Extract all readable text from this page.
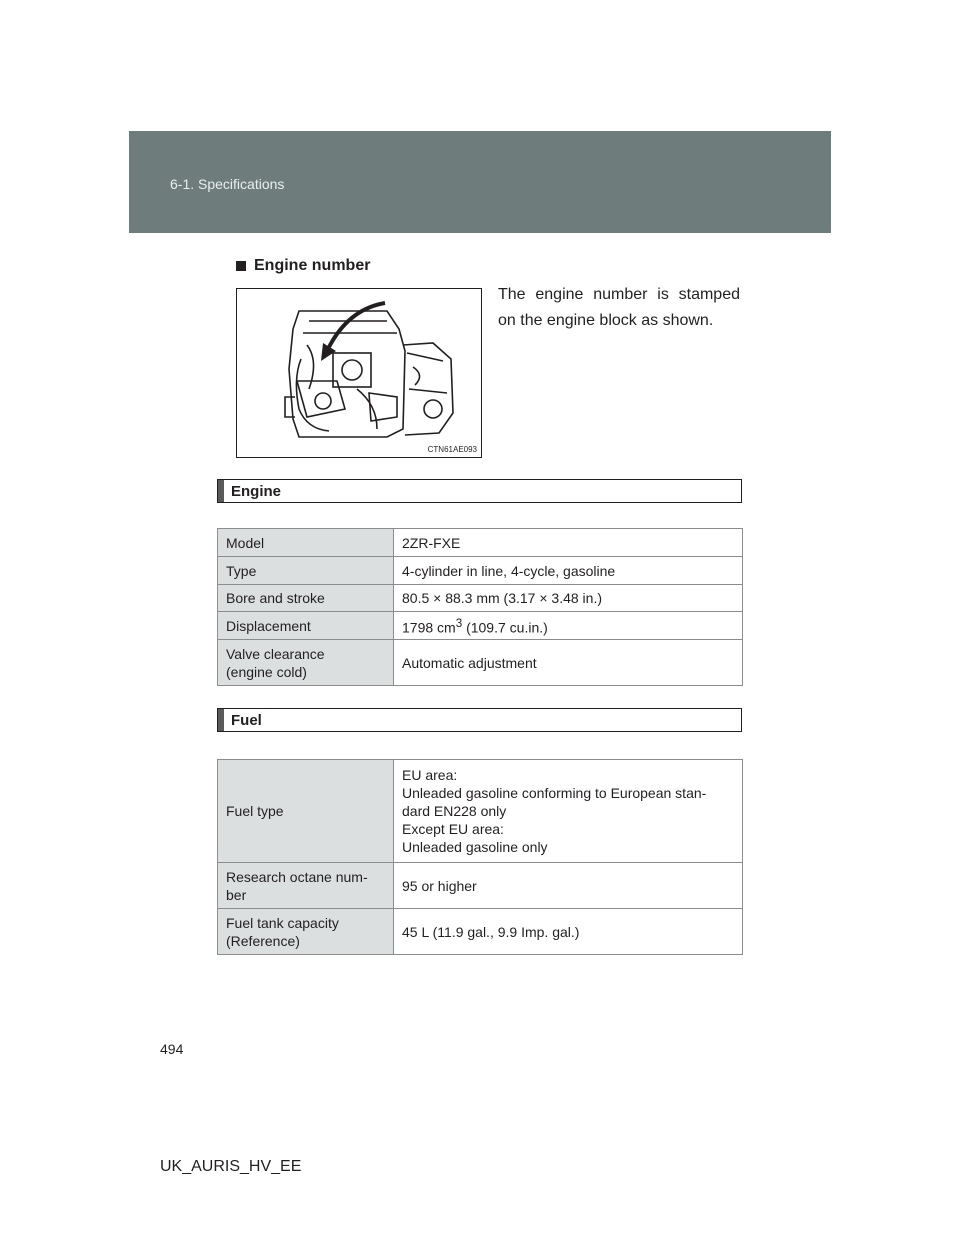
6-1. Specifications
Engine number
CTN61AE093
The engine number is stamped on the engine block as shown.
Engine
Model	2ZR-FXE
Type	4-cylinder in line, 4-cycle, gasoline
Bore and stroke	80.5 × 88.3 mm (3.17 × 3.48 in.)
Displacement	1798 $cm^3$ (109.7 cu.in.)
Valve clearance
(engine cold)	Automatic adjustment
Fuel
Fuel type	EU area:
Unleaded gasoline conforming to European stan-
dard EN228 only
Except EU area:
Unleaded gasoline only

Research octane num-
ber	95 or higher
Fuel tank capacity
(Reference)	45 L (11.9 gal., 9.9 Imp. gal.)
494
UK_AURIS_HV_EE
